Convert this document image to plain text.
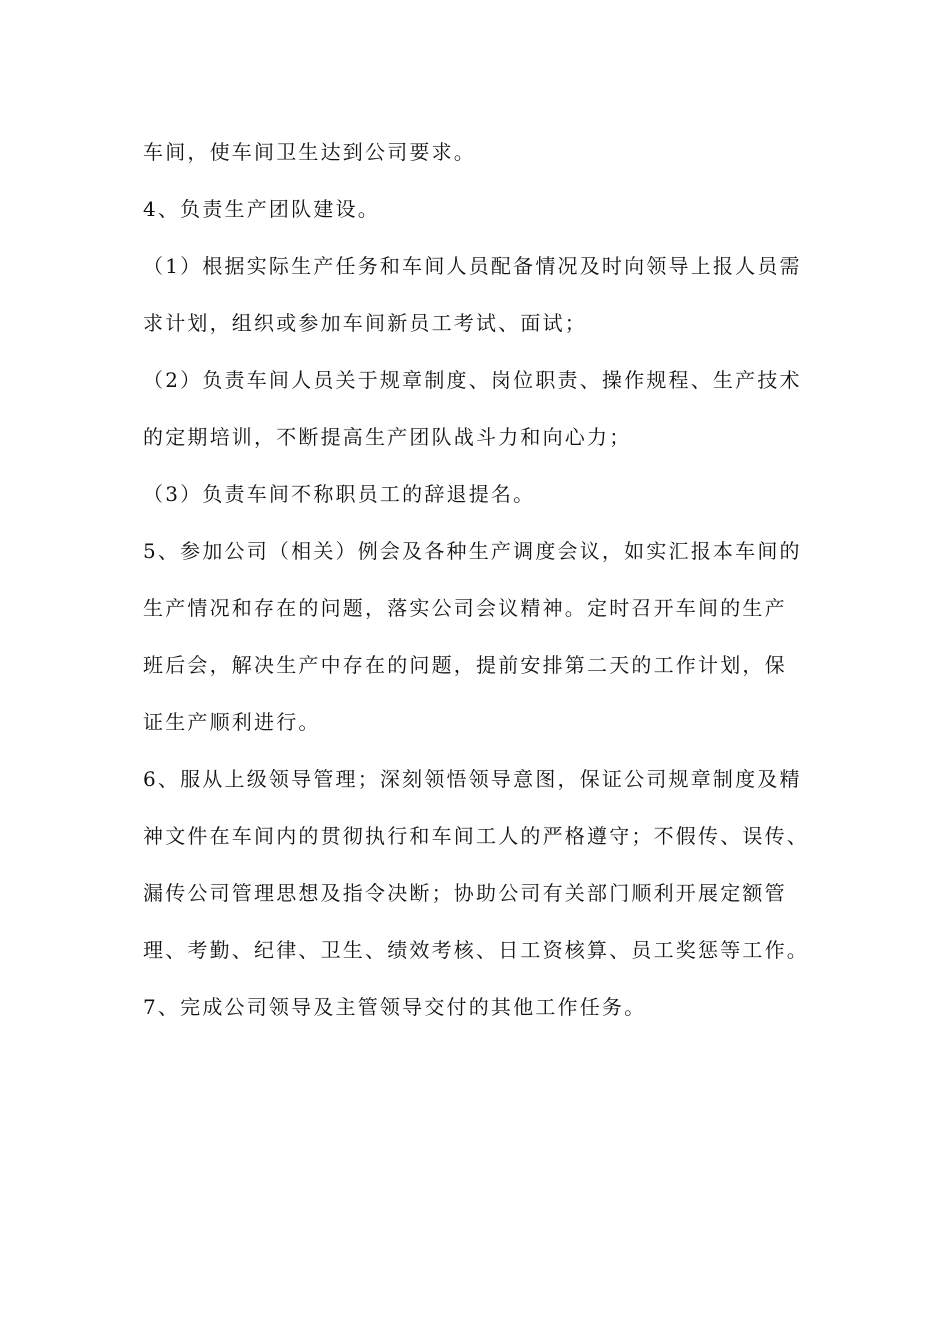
车间，使车间卫生达到公司要求。

4、负责生产团队建设。

（1）根据实际生产任务和车间人员配备情况及时向领导上报人员需

求计划，组织或参加车间新员工考试、面试；

（2）负责车间人员关于规章制度、岗位职责、操作规程、生产技术

的定期培训，不断提高生产团队战斗力和向心力；

（3）负责车间不称职员工的辞退提名。

5、参加公司（相关）例会及各种生产调度会议，如实汇报本车间的

生产情况和存在的问题，落实公司会议精神。定时召开车间的生产

班后会，解决生产中存在的问题，提前安排第二天的工作计划，保

证生产顺利进行。

6、服从上级领导管理；深刻领悟领导意图，保证公司规章制度及精

神文件在车间内的贯彻执行和车间工人的严格遵守；不假传、误传、

漏传公司管理思想及指令决断；协助公司有关部门顺利开展定额管

理、考勤、纪律、卫生、绩效考核、日工资核算、员工奖惩等工作。

7、完成公司领导及主管领导交付的其他工作任务。
